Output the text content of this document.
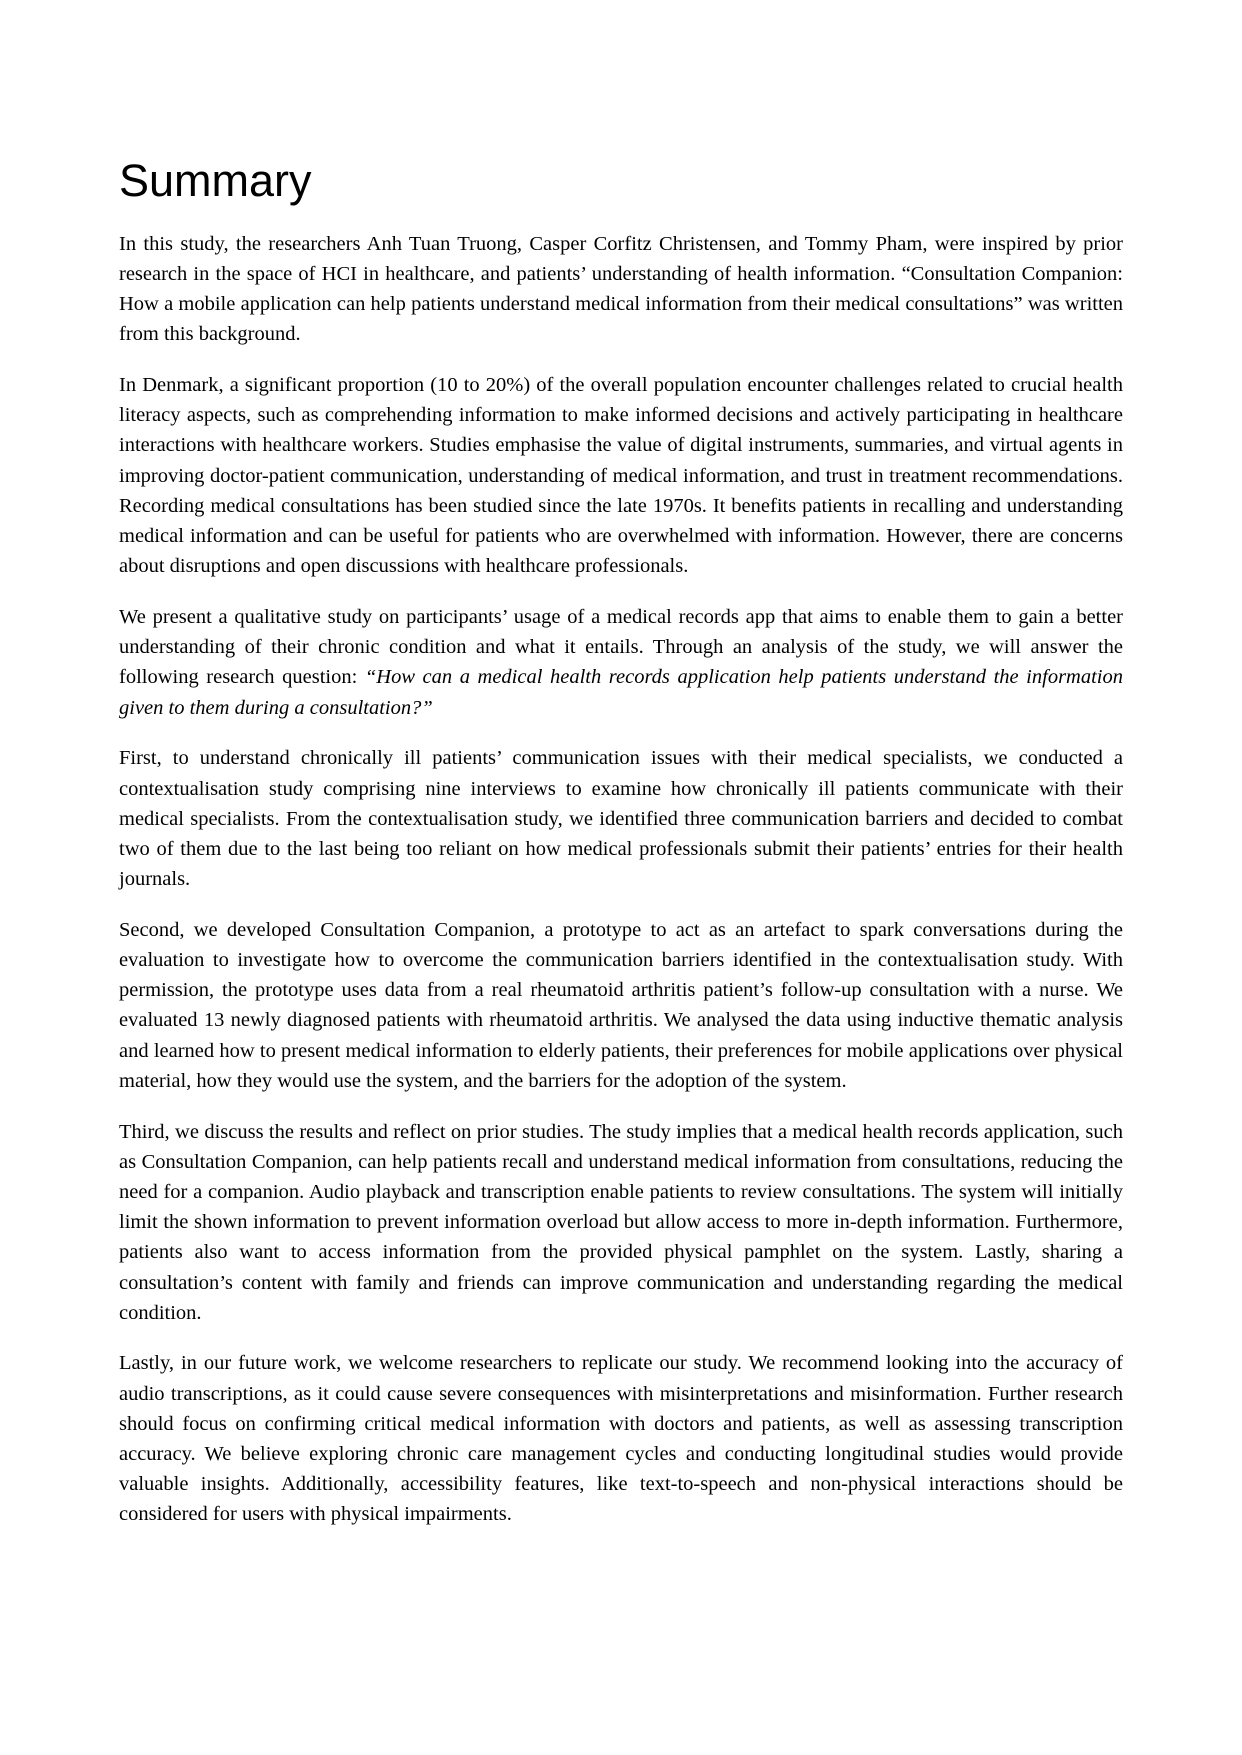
Summary

In this study, the researchers Anh Tuan Truong, Casper Corfitz Christensen, and Tommy Pham, were inspired by prior research in the space of HCI in healthcare, and patients’ understanding of health information. “Consultation Companion: How a mobile application can help patients understand medical information from their medical consultations” was written from this background.

In Denmark, a significant proportion (10 to 20%) of the overall population encounter challenges related to crucial health literacy aspects, such as comprehending information to make informed decisions and actively participating in healthcare interactions with healthcare workers. Studies emphasise the value of digital instruments, summaries, and virtual agents in improving doctor-patient communication, understanding of medical information, and trust in treatment recommendations. Recording medical consultations has been studied since the late 1970s. It benefits patients in recalling and understanding medical information and can be useful for patients who are overwhelmed with information. However, there are concerns about disruptions and open discussions with healthcare professionals.

We present a qualitative study on participants’ usage of a medical records app that aims to enable them to gain a better understanding of their chronic condition and what it entails. Through an analysis of the study, we will answer the following research question: “How can a medical health records application help patients understand the information given to them during a consultation?”

First, to understand chronically ill patients’ communication issues with their medical specialists, we conducted a contextualisation study comprising nine interviews to examine how chronically ill patients communicate with their medical specialists. From the contextualisation study, we identified three communication barriers and decided to combat two of them due to the last being too reliant on how medical professionals submit their patients’ entries for their health journals.

Second, we developed Consultation Companion, a prototype to act as an artefact to spark conversations during the evaluation to investigate how to overcome the communication barriers identified in the contextualisation study. With permission, the prototype uses data from a real rheumatoid arthritis patient’s follow-up consultation with a nurse. We evaluated 13 newly diagnosed patients with rheumatoid arthritis. We analysed the data using inductive thematic analysis and learned how to present medical information to elderly patients, their preferences for mobile applications over physical material, how they would use the system, and the barriers for the adoption of the system.

Third, we discuss the results and reflect on prior studies. The study implies that a medical health records application, such as Consultation Companion, can help patients recall and understand medical information from consultations, reducing the need for a companion. Audio playback and transcription enable patients to review consultations. The system will initially limit the shown information to prevent information overload but allow access to more in-depth information. Furthermore, patients also want to access information from the provided physical pamphlet on the system. Lastly, sharing a consultation’s content with family and friends can improve communication and understanding regarding the medical condition.

Lastly, in our future work, we welcome researchers to replicate our study. We recommend looking into the accuracy of audio transcriptions, as it could cause severe consequences with misinterpretations and misinformation. Further research should focus on confirming critical medical information with doctors and patients, as well as assessing transcription accuracy. We believe exploring chronic care management cycles and conducting longitudinal studies would provide valuable insights. Additionally, accessibility features, like text-to-speech and non-physical interactions should be considered for users with physical impairments.
